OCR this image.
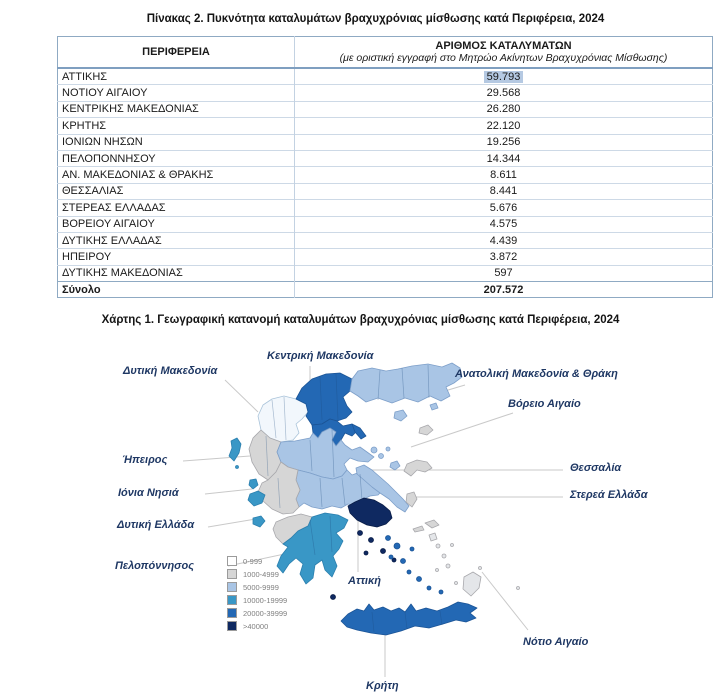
Πίνακας 2. Πυκνότητα καταλυμάτων βραχυχρόνιας μίσθωσης κατά Περιφέρεια, 2024
ΠΕΡΙΦΕΡΕΙΑ	ΑΡΙΘΜΟΣ ΚΑΤΑΛΥΜΑΤΩΝ
(με οριστική εγγραφή στο Μητρώο Ακίνητων Βραχυχρόνιας Μίσθωσης)

ΑΤΤΙΚΗΣ	59.793
ΝΟΤΙΟΥ ΑΙΓΑΙΟΥ	29.568
ΚΕΝΤΡΙΚΗΣ ΜΑΚΕΔΟΝΙΑΣ	26.280
ΚΡΗΤΗΣ	22.120
ΙΟΝΙΩΝ ΝΗΣΩΝ	19.256
ΠΕΛΟΠΟΝΝΗΣΟΥ	14.344
ΑΝ. ΜΑΚΕΔΟΝΙΑΣ & ΘΡΑΚΗΣ	8.611
ΘΕΣΣΑΛΙΑΣ	8.441
ΣΤΕΡΕΑΣ ΕΛΛΑΔΑΣ	5.676
ΒΟΡΕΙΟΥ ΑΙΓΑΙΟΥ	4.575
ΔΥΤΙΚΗΣ ΕΛΛΑΔΑΣ	4.439
ΗΠΕΙΡΟΥ	3.872
ΔΥΤΙΚΗΣ ΜΑΚΕΔΟΝΙΑΣ	597
Σύνολο	207.572
Χάρτης 1. Γεωγραφική κατανομή καταλυμάτων βραχυχρόνιας μίσθωσης κατά Περιφέρεια, 2024
Κεντρική Μακεδονία
Δυτική Μακεδονία	Ανατολική Μακεδονία & Θράκη
Βόρειο Αιγαίο
Ήπειρος
Θεσσαλία
Ιόνια Νησιά	Στερεά Ελλάδα
Δυτική Ελλάδα
Πελοπόννησος
Αττική
Νότιο Αιγαίο
Κρήτη
0-999
1000-4999
5000-9999
10000-19999
20000-39999
>40000
